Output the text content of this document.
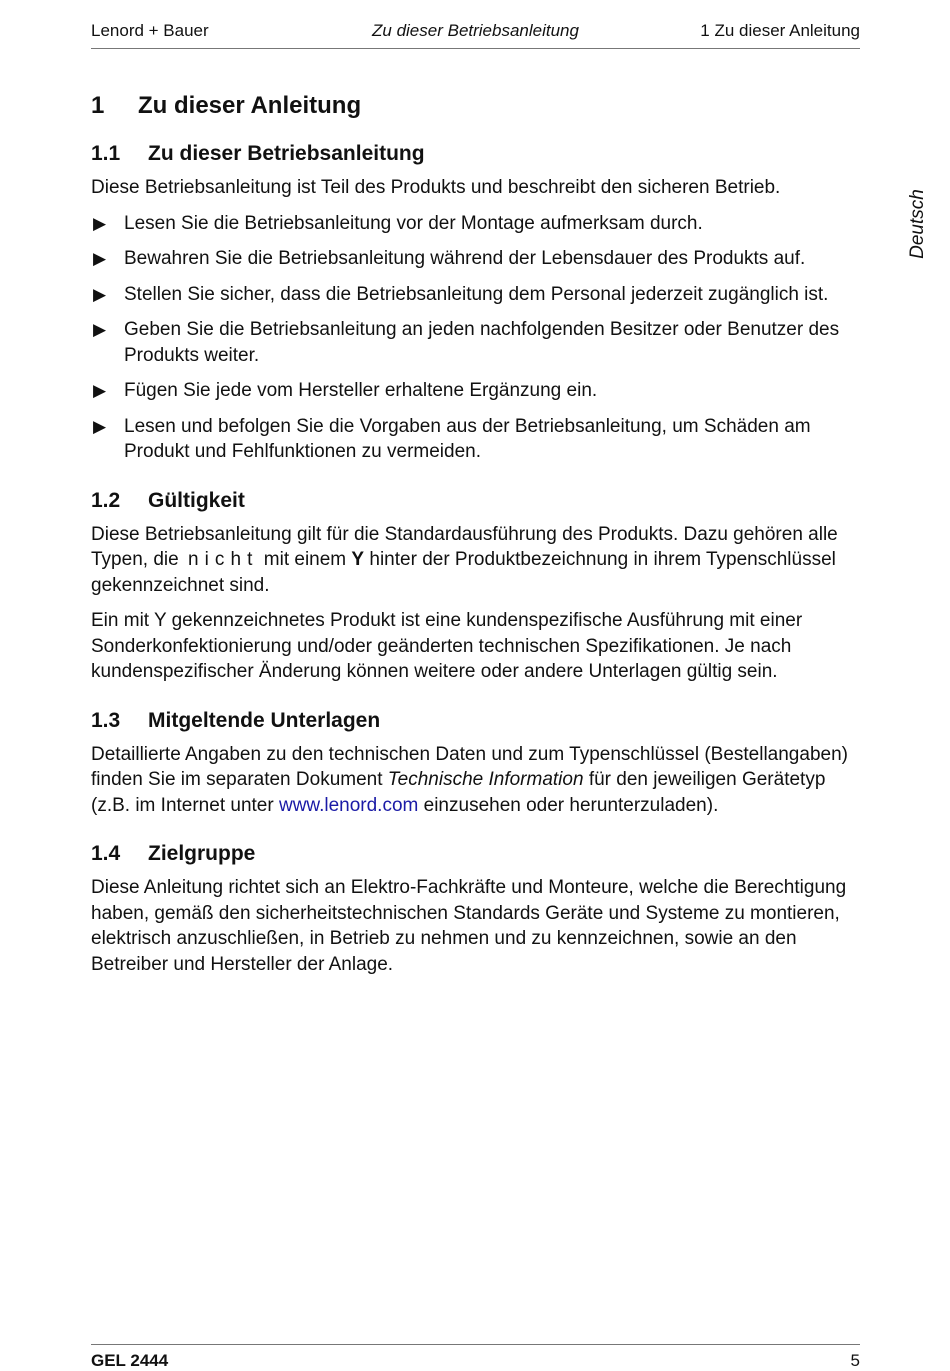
Lenord + Bauer	Zu dieser Betriebsanleitung	1 Zu dieser Anleitung
Deutsch
1	Zu dieser Anleitung
1.1	Zu dieser Betriebsanleitung

Diese Betriebsanleitung ist Teil des Produkts und beschreibt den sicheren Betrieb.

▶ Lesen Sie die Betriebsanleitung vor der Montage aufmerksam durch.
▶ Bewahren Sie die Betriebsanleitung während der Lebensdauer des Produkts auf.
▶ Stellen Sie sicher, dass die Betriebsanleitung dem Personal jederzeit zugänglich ist.
▶ Geben Sie die Betriebsanleitung an jeden nachfolgenden Besitzer oder Benutzer des Produkts weiter.
▶ Fügen Sie jede vom Hersteller erhaltene Ergänzung ein.
▶ Lesen und befolgen Sie die Vorgaben aus der Betriebsanleitung, um Schäden am Produkt und Fehlfunktionen zu vermeiden.
1.2	Gültigkeit

Diese Betriebsanleitung gilt für die Standardausführung des Produkts. Dazu gehören alle Typen, die nicht mit einem Y hinter der Produktbezeichnung in ihrem Typenschlüssel gekennzeichnet sind.

Ein mit Y gekennzeichnetes Produkt ist eine kundenspezifische Ausführung mit einer Sonderkonfektionierung und/oder geänderten technischen Spezifikationen. Je nach kundenspezifischer Änderung können weitere oder andere Unterlagen gültig sein.

1.3	Mitgeltende Unterlagen

Detaillierte Angaben zu den technischen Daten und zum Typenschlüssel (Bestellangaben) finden Sie im separaten Dokument Technische Information für den jeweiligen Gerätetyp (z.B. im Internet unter www.lenord.com einzusehen oder herunterzuladen).

1.4	Zielgruppe

Diese Anleitung richtet sich an Elektro-Fachkräfte und Monteure, welche die Berechtigung haben, gemäß den sicherheitstechnischen Standards Geräte und Systeme zu montieren, elektrisch anzuschließen, in Betrieb zu nehmen und zu kennzeichnen, sowie an den Betreiber und Hersteller der Anlage.

GEL 2444	5
